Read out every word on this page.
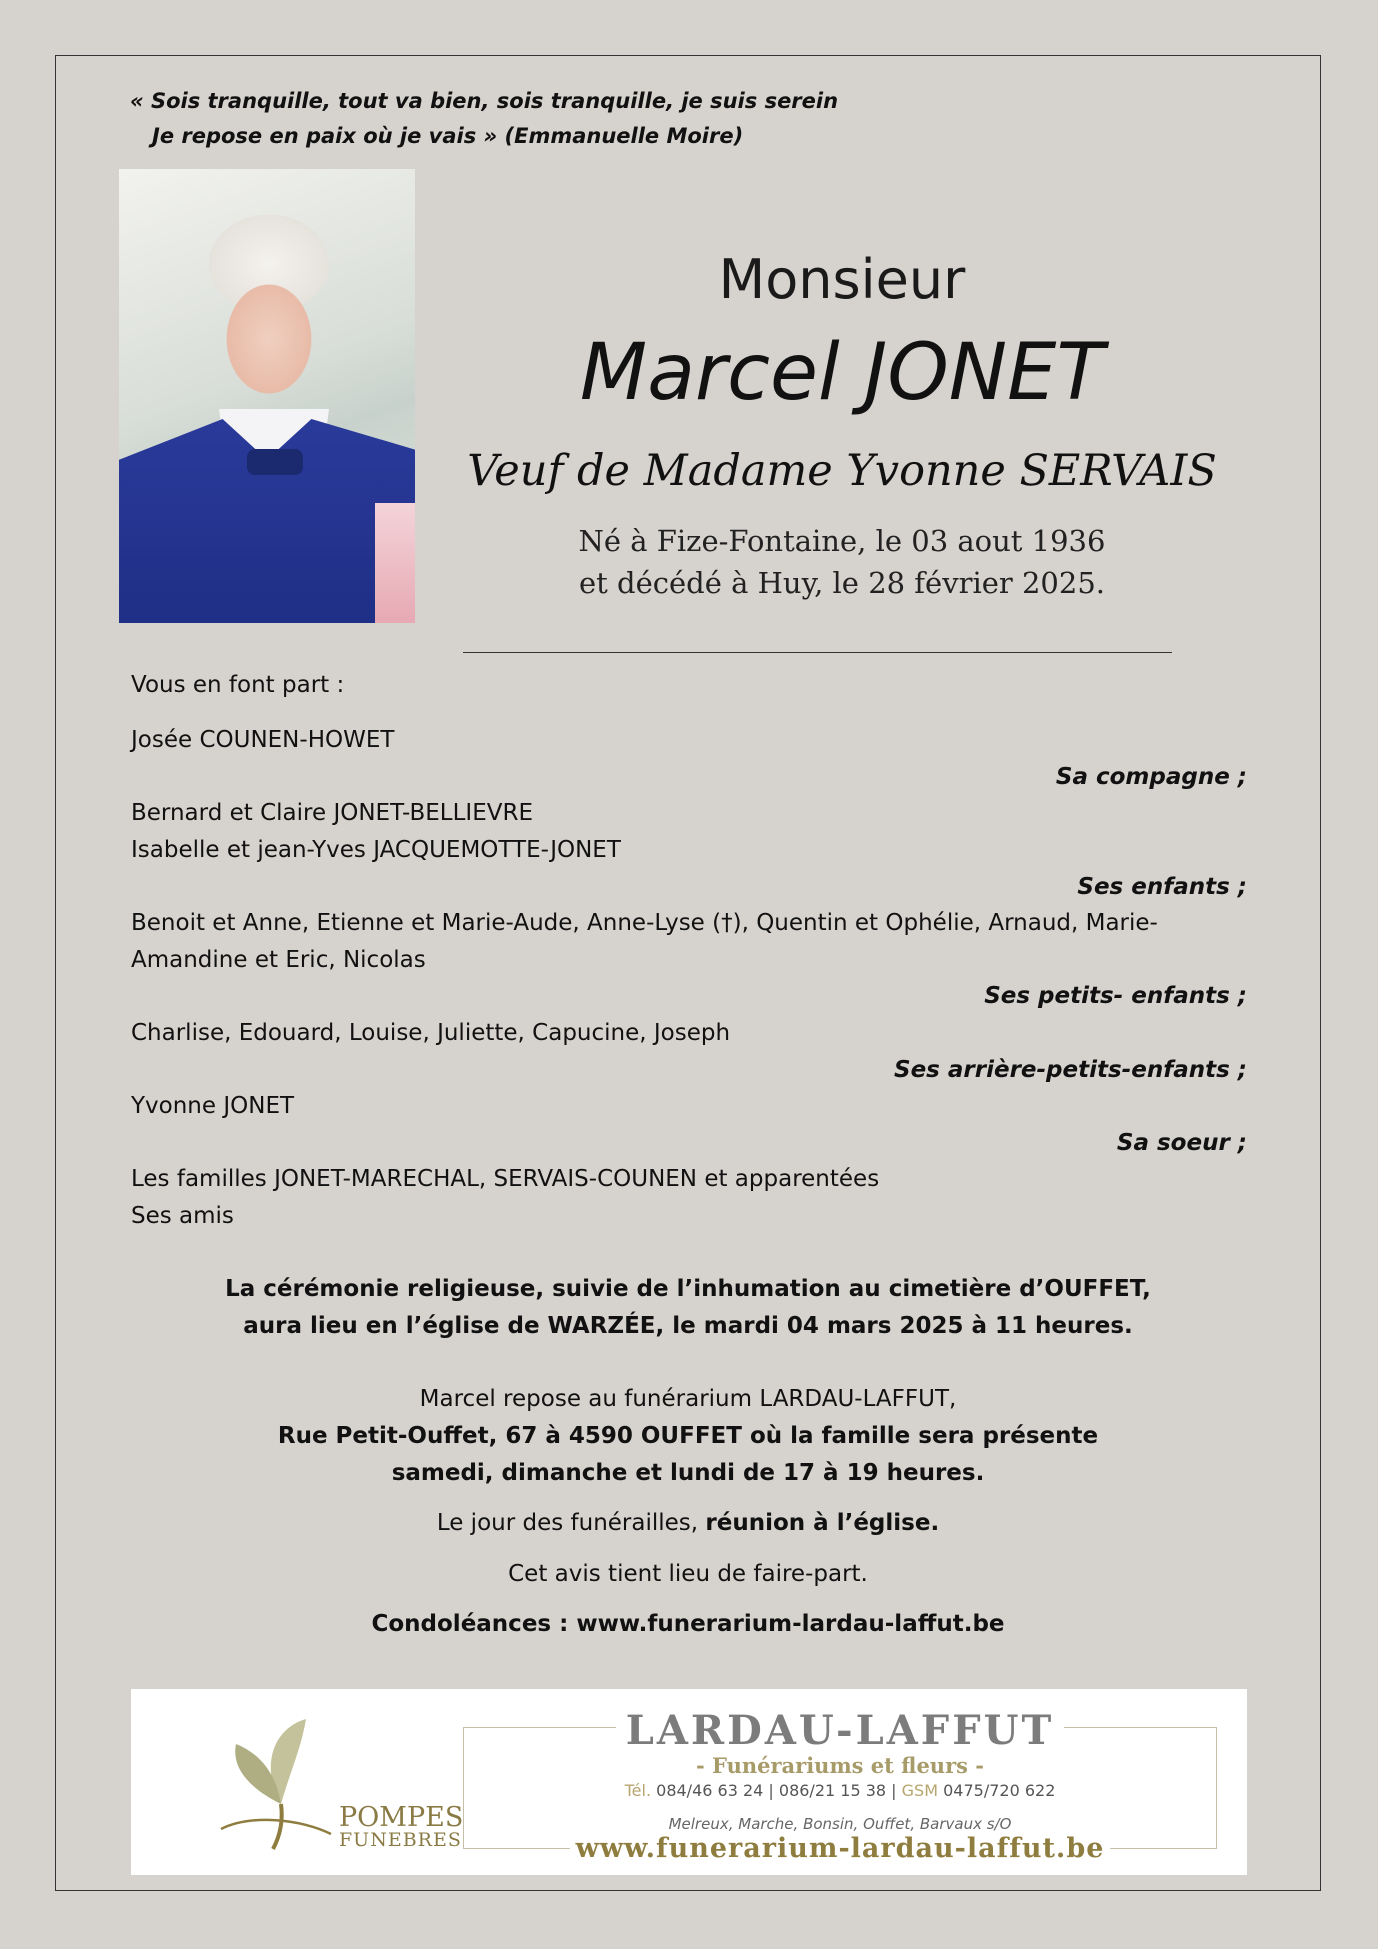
« Sois tranquille, tout va bien, sois tranquille, je suis serein
Je repose en paix où je vais » (Emmanuelle Moire)
Monsieur
Marcel JONET
Veuf de Madame Yvonne SERVAIS
Né à Fize-Fontaine, le 03 aout 1936
et décédé à Huy, le 28 février 2025.
Vous en font part :
Josée COUNEN-HOWET
Sa compagne ;
Bernard et Claire JONET-BELLIEVRE
Isabelle et jean-Yves JACQUEMOTTE-JONET
Ses enfants ;
Benoit et Anne, Etienne et Marie-Aude, Anne-Lyse (†), Quentin et Ophélie, Arnaud, Marie-
Amandine et Eric, Nicolas
Ses petits- enfants ;
Charlise, Edouard, Louise, Juliette, Capucine, Joseph
Ses arrière-petits-enfants ;
Yvonne JONET
Sa soeur ;
Les familles JONET-MARECHAL, SERVAIS-COUNEN et apparentées
Ses amis
La cérémonie religieuse, suivie de l’inhumation au cimetière d’OUFFET,
aura lieu en l’église de WARZÉE, le mardi 04 mars 2025 à 11 heures.
Marcel repose au funérarium LARDAU-LAFFUT,
Rue Petit-Ouffet, 67 à 4590 OUFFET où la famille sera présente
samedi, dimanche et lundi de 17 à 19 heures.
Le jour des funérailles, réunion à l’église.
Cet avis tient lieu de faire-part.
Condoléances : www.funerarium-lardau-laffut.be
POMPES
FUNEBRES
LARDAU-LAFFUT
- Funérariums et fleurs -
Tél. 084/46 63 24 | 086/21 15 38 | GSM 0475/720 622
Melreux, Marche, Bonsin, Ouffet, Barvaux s/O
www.funerarium-lardau-laffut.be
